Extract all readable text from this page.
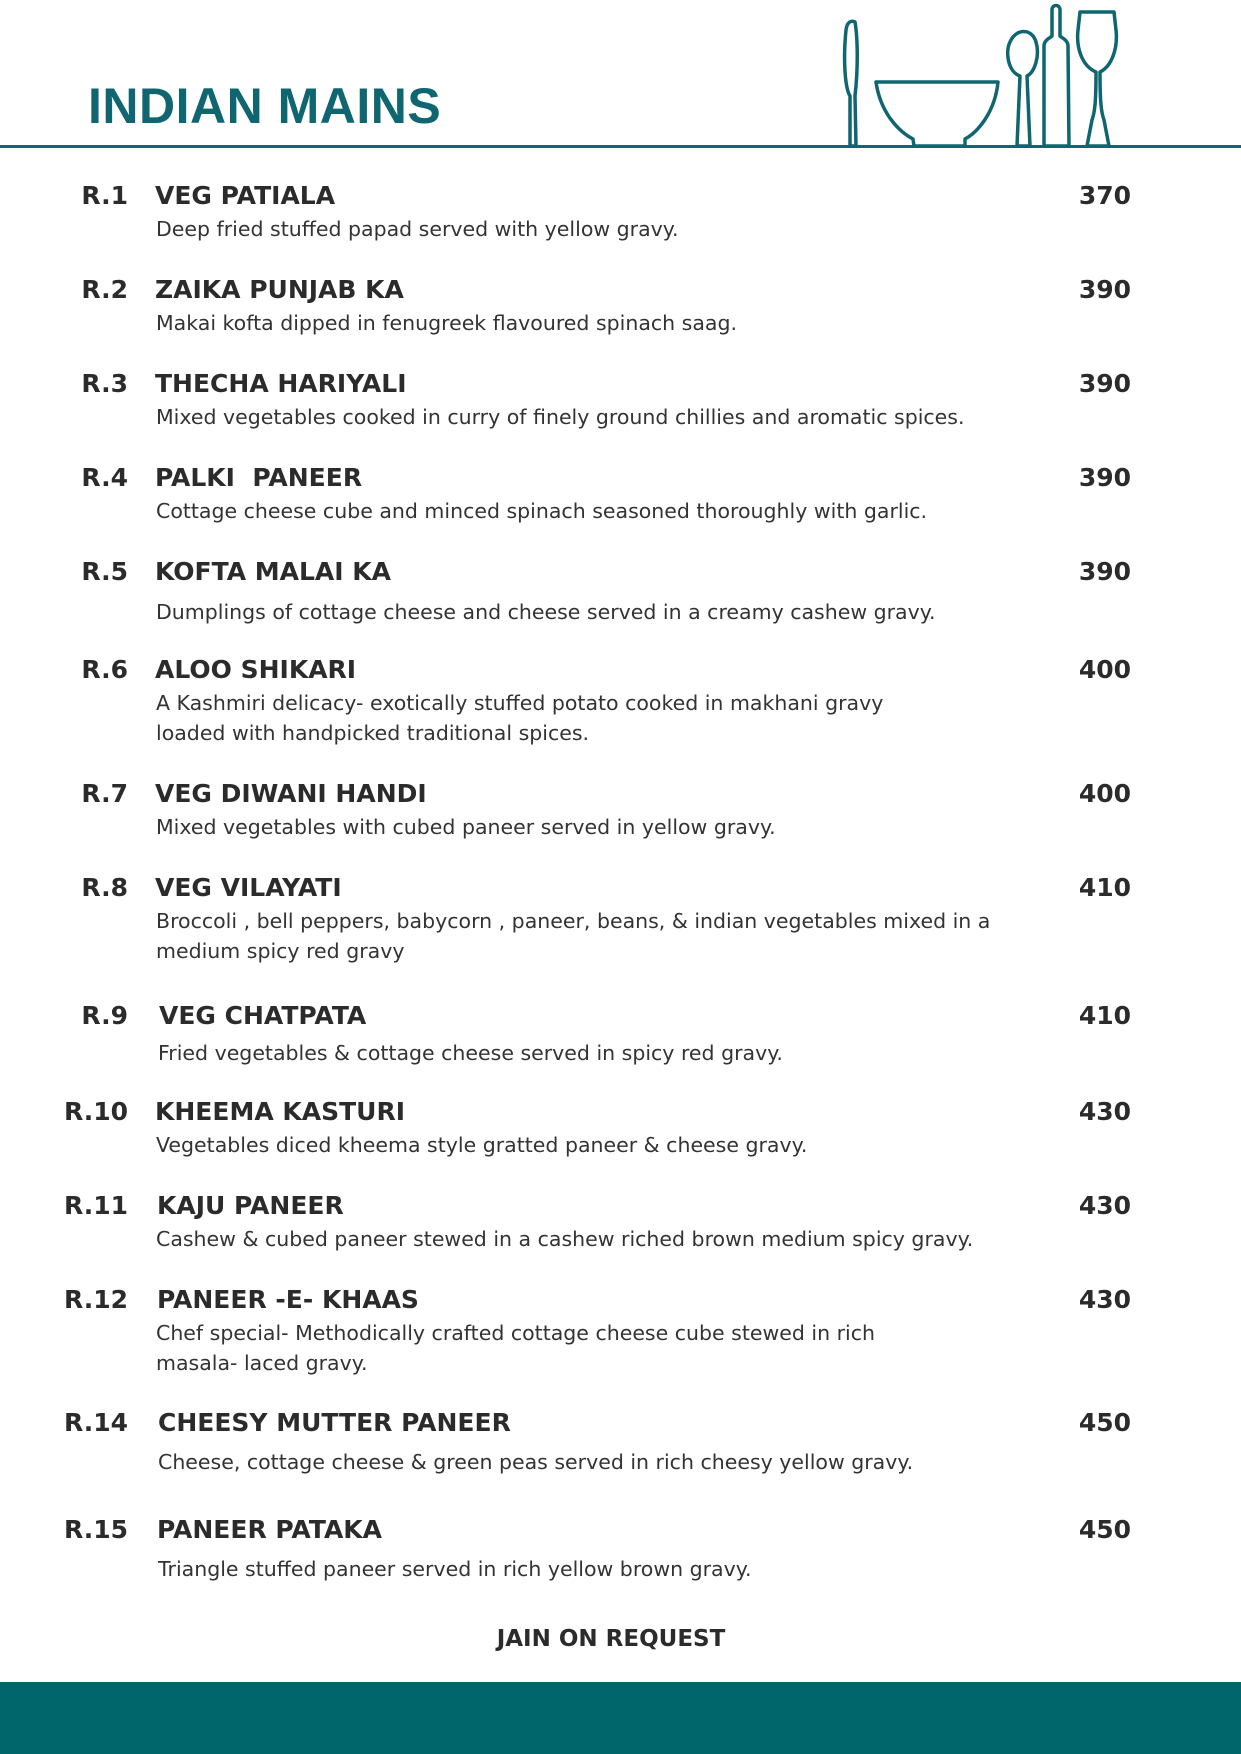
INDIAN MAINS
R.1 VEG PATIALA	370
Deep fried stuffed papad served with yellow gravy.
R.2 ZAIKA PUNJAB KA	390
Makai kofta dipped in fenugreek flavoured spinach saag.
R.3 THECHA HARIYALI	390
Mixed vegetables cooked in curry of finely ground chillies and aromatic spices.
R.4 PALKI  PANEER	390
Cottage cheese cube and minced spinach seasoned thoroughly with garlic.
R.5 KOFTA MALAI KA	390
Dumplings of cottage cheese and cheese served in a creamy cashew gravy.
R.6 ALOO SHIKARI	400
A Kashmiri delicacy- exotically stuffed potato cooked in makhani gravy
loaded with handpicked traditional spices.
R.7 VEG DIWANI HANDI	400
Mixed vegetables with cubed paneer served in yellow gravy.
R.8 VEG VILAYATI	410
Broccoli , bell peppers, babycorn , paneer, beans, & indian vegetables mixed in a
medium spicy red gravy
R.9 VEG CHATPATA	410
Fried vegetables & cottage cheese served in spicy red gravy.
R.10 KHEEMA KASTURI	430
Vegetables diced kheema style gratted paneer & cheese gravy.
R.11 KAJU PANEER	430
Cashew & cubed paneer stewed in a cashew riched brown medium spicy gravy.
R.12 PANEER -E- KHAAS	430
Chef special- Methodically crafted cottage cheese cube stewed in rich
masala- laced gravy.
R.14 CHEESY MUTTER PANEER	450
Cheese, cottage cheese & green peas served in rich cheesy yellow gravy.
R.15 PANEER PATAKA	450
Triangle stuffed paneer served in rich yellow brown gravy.
JAIN ON REQUEST
